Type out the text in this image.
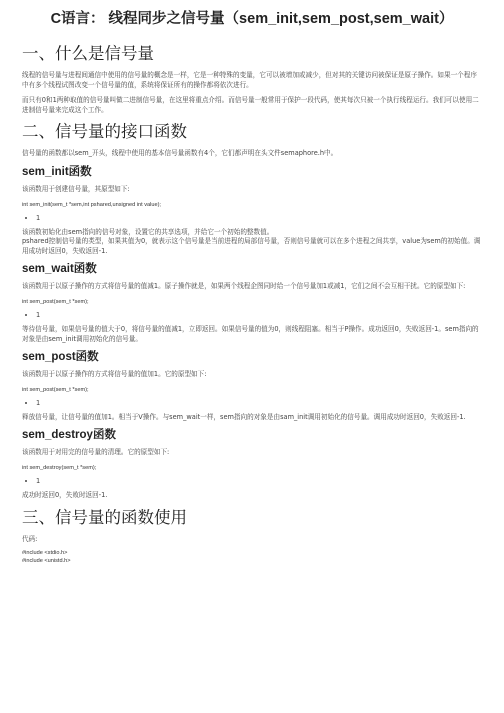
C语言： 线程同步之信号量（sem_init,sem_post,sem_wait）
一、什么是信号量

线程的信号量与进程间通信中使用的信号量的概念是一样，它是一种特殊的变量，它可以被增加或减少，但对其的关键访问被保证是原子操作。如果一个程序中有多个线程试图改变一个信号量的值，系统将保证所有的操作都将依次进行。

而只有0和1两种取值的信号量叫做二进制信号量，在这里将重点介绍。而信号量一般常用于保护一段代码，使其每次只被一个执行线程运行。我们可以使用二进制信号量来完成这个工作。

二、信号量的接口函数

信号量的函数都以sem_开头，线程中使用的基本信号量函数有4个，它们都声明在头文件semaphore.h中。

sem_init函数

该函数用于创建信号量，其原型如下:

int sem_init(sem_t *sem,int pshared,unsigned int value);
• 1

该函数初始化由sem指向的信号对象，设置它的共享选项，并给它一个初始的整数值。

pshared控制信号量的类型，如果其值为0，就表示这个信号量是当前进程的局部信号量，否则信号量就可以在多个进程之间共享，value为sem的初始值。调用成功时返回0，失败返回-1.

sem_wait函数

该函数用于以原子操作的方式将信号量的值减1。原子操作就是，如果两个线程企图同时给一个信号量加1或减1，它们之间不会互相干扰。它的原型如下:

int sem_post(sem_t *sem);
• 1

等待信号量，如果信号量的值大于0，将信号量的值减1，立即返回。如果信号量的值为0，则线程阻塞。相当于P操作。成功返回0，失败返回-1。sem指向的对象是由sem_init调用初始化的信号量。

sem_post函数

该函数用于以原子操作的方式将信号量的值加1。它的原型如下:

int sem_post(sem_t *sem);
• 1

释放信号量，让信号量的值加1。相当于V操作。与sem_wait一样，sem指向的对象是由sam_init调用初始化的信号量。调用成功时返回0，失败返回-1.

sem_destroy函数

该函数用于对用完的信号量的清理。它的原型如下:

int sem_destroy(sem_t *sem);
• 1

成功时返回0，失败时返回-1.

三、信号量的函数使用

代码:

#include <stdio.h>
#include <unistd.h>
